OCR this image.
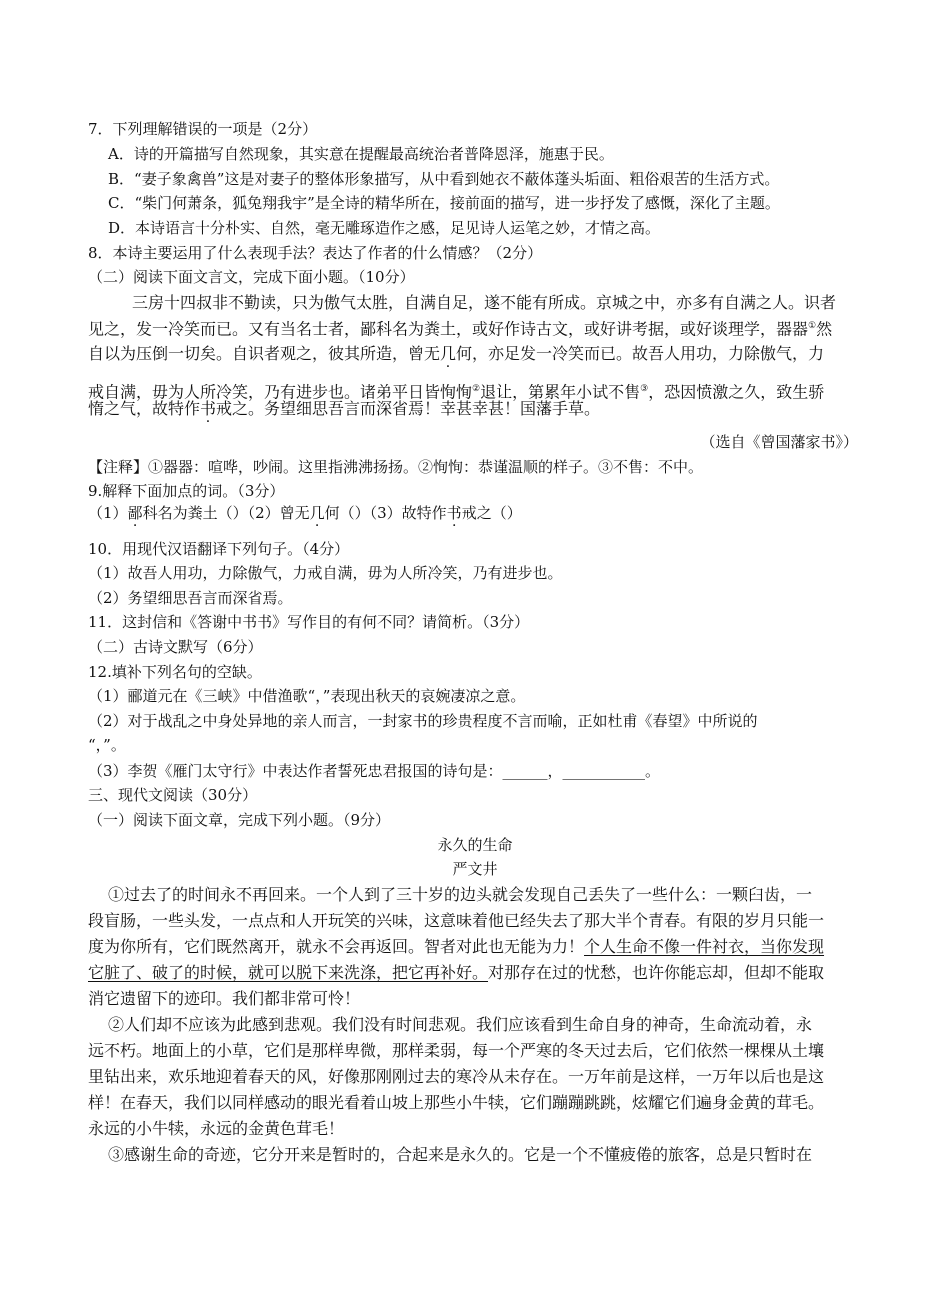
7．下列理解错误的一项是（2分）
A．诗的开篇描写自然现象，其实意在提醒最高统治者普降恩泽，施惠于民。
B．“妻子象禽兽”这是对妻子的整体形象描写，从中看到她衣不蔽体蓬头垢面、粗俗艰苦的生活方式。
C．“柴门何萧条，狐兔翔我宇”是全诗的精华所在，接前面的描写，进一步抒发了感慨，深化了主题。
D．本诗语言十分朴实、自然，毫无雕琢造作之感，足见诗人运笔之妙，才情之高。
8．本诗主要运用了什么表现手法？表达了作者的什么情感？（2分）
（二）阅读下面文言文，完成下面小题。（10分）
三房十四叔非不勤读，只为傲气太胜，自满自足，遂不能有所成。京城之中，亦多有自满之人。识者
见之，发一冷笑而已。又有当名士者，鄙科名为粪土，或好作诗古文，或好讲考据，或好谈理学，器器①然
自以为压倒一切矣。自识者观之，彼其所造，曾无几何，亦足发一冷笑而已。故吾人用功，力除傲气，力
戒自满，毋为人所冷笑，乃有进步也。诸弟平日皆恂恂②退让，第累年小试不售③，恐因愤激之久，致生骄
惰之气，故特作书戒之。务望细思吾言而深省焉！幸甚幸甚！国藩手草。
（选自《曾国藩家书》）
【注释】①器器：喧哗，吵闹。这里指沸沸扬扬。②恂恂：恭谨温顺的样子。③不售：不中。
9.解释下面加点的词。（3分）
（1）鄙科名为粪土（）（2）曾无几何（）（3）故特作书戒之（）
10．用现代汉语翻译下列句子。（4分）
（1）故吾人用功，力除傲气，力戒自满，毋为人所冷笑，乃有进步也。
（2）务望细思吾言而深省焉。
11．这封信和《答谢中书书》写作目的有何不同？请简析。（3分）
（二）古诗文默写（6分）
12.填补下列名句的空缺。
（1）郦道元在《三峡》中借渔歌“，”表现出秋天的哀婉凄凉之意。
（2）对于战乱之中身处异地的亲人而言，一封家书的珍贵程度不言而喻，正如杜甫《春望》中所说的
“，”。
（3）李贺《雁门太守行》中表达作者誓死忠君报国的诗句是：______，___________。
三、现代文阅读（30分）
（一）阅读下面文章，完成下列小题。（9分）
永久的生命
严文井
①过去了的时间永不再回来。一个人到了三十岁的边头就会发现自己丢失了一些什么：一颗臼齿，一
段盲肠，一些头发，一点点和人开玩笑的兴味，这意味着他已经失去了那大半个青春。有限的岁月只能一
度为你所有，它们既然离开，就永不会再返回。智者对此也无能为力！个人生命不像一件衬衣，当你发现
它脏了、破了的时候，就可以脱下来洗涤，把它再补好。对那存在过的忧愁，也许你能忘却，但却不能取
消它遗留下的迹印。我们都非常可怜！
②人们却不应该为此感到悲观。我们没有时间悲观。我们应该看到生命自身的神奇，生命流动着，永
远不朽。地面上的小草，它们是那样卑微，那样柔弱，每一个严寒的冬天过去后，它们依然一棵棵从土壤
里钻出来，欢乐地迎着春天的风，好像那刚刚过去的寒冷从未存在。一万年前是这样，一万年以后也是这
样！在春天，我们以同样感动的眼光看着山坡上那些小牛犊，它们蹦蹦跳跳，炫耀它们遍身金黄的茸毛。
永远的小牛犊，永远的金黄色茸毛！
③感谢生命的奇迹，它分开来是暂时的，合起来是永久的。它是一个不懂疲倦的旅客，总是只暂时在
